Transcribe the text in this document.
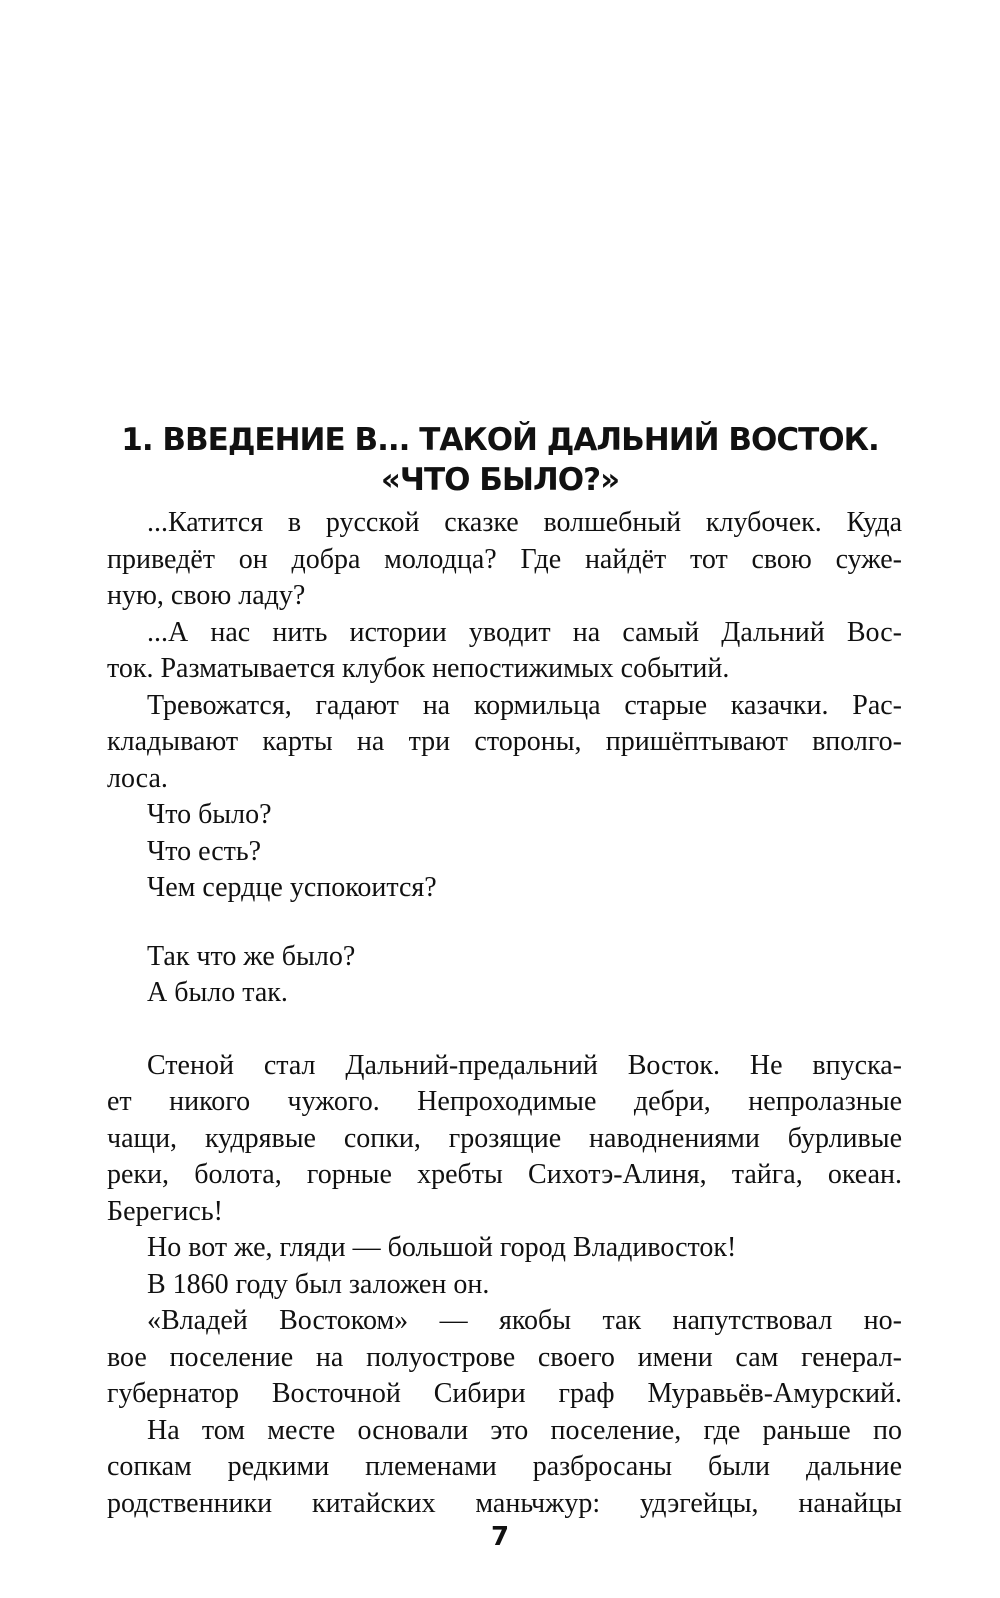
1. ВВЕДЕНИЕ В... ТАКОЙ ДАЛЬНИЙ ВОСТОК.
«ЧТО БЫЛО?»
...Катится в русской сказке волшебный клубочек. Куда
приведёт он добра молодца? Где найдёт тот свою суже-
ную, свою ладу?
...А нас нить истории уводит на самый Дальний Вос-
ток. Разматывается клубок непостижимых событий.
Тревожатся, гадают на кормильца старые казачки. Рас-
кладывают карты на три стороны, пришёптывают вполго-
лоса.
Что было?
Что есть?
Чем сердце успокоится?
Так что же было?
А было так.
Стеной стал Дальний-предальний Восток. Не впуска-
ет никого чужого. Непроходимые дебри, непролазные
чащи, кудрявые сопки, грозящие наводнениями бурливые
реки, болота, горные хребты Сихотэ-Алиня, тайга, океан.
Берегись!
Но вот же, гляди — большой город Владивосток!
В 1860 году был заложен он.
«Владей Востоком» — якобы так напутствовал но-
вое поселение на полуострове своего имени сам генерал-
губернатор Восточной Сибири граф Муравьёв-Амурский.
На том месте основали это поселение, где раньше по
сопкам редкими племенами разбросаны были дальние
родственники китайских маньчжур: удэгейцы, нанайцы
7
